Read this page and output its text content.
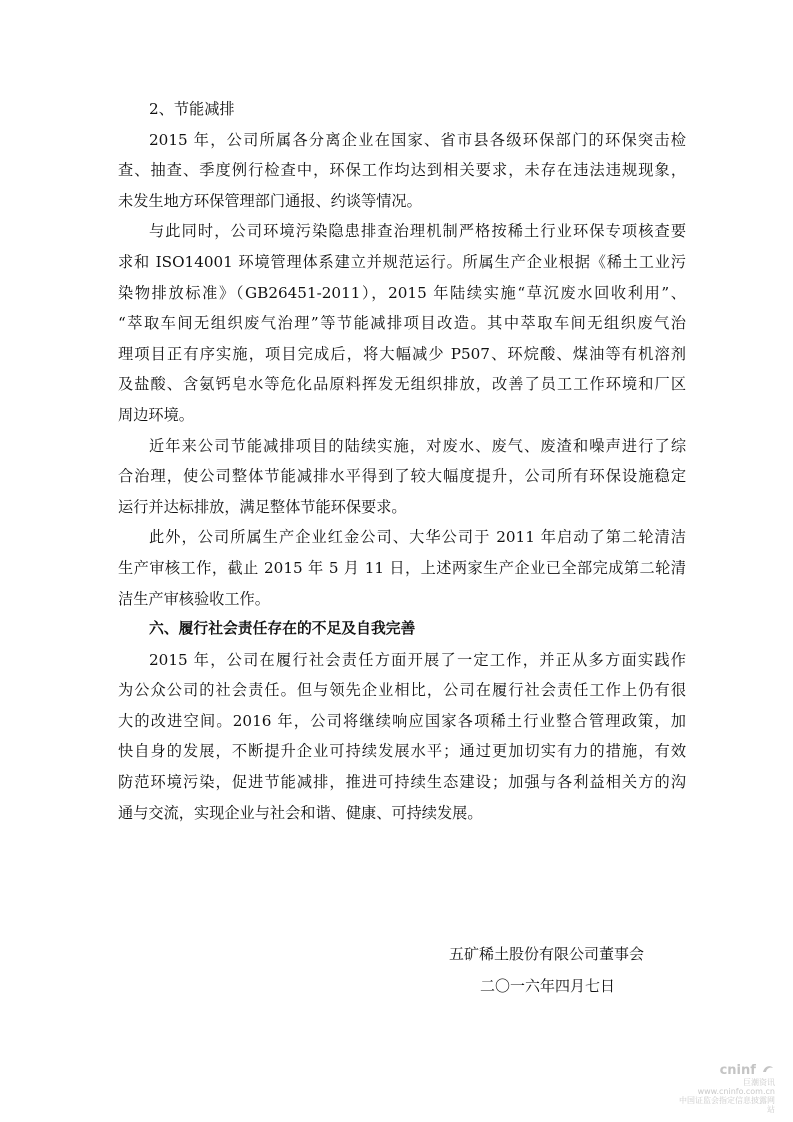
2、节能减排
2015 年，公司所属各分离企业在国家、省市县各级环保部门的环保突击检
查、抽查、季度例行检查中，环保工作均达到相关要求，未存在违法违规现象，
未发生地方环保管理部门通报、约谈等情况。
与此同时，公司环境污染隐患排查治理机制严格按稀土行业环保专项核查要
求和 ISO14001 环境管理体系建立并规范运行。所属生产企业根据《稀土工业污
染物排放标准》（GB26451-2011），2015 年陆续实施“草沉废水回收利用”、
“萃取车间无组织废气治理”等节能减排项目改造。其中萃取车间无组织废气治
理项目正有序实施，项目完成后，将大幅减少 P507、环烷酸、煤油等有机溶剂
及盐酸、含氨钙皂水等危化品原料挥发无组织排放，改善了员工工作环境和厂区
周边环境。
近年来公司节能减排项目的陆续实施，对废水、废气、废渣和噪声进行了综
合治理，使公司整体节能减排水平得到了较大幅度提升，公司所有环保设施稳定
运行并达标排放，满足整体节能环保要求。
此外，公司所属生产企业红金公司、大华公司于 2011 年启动了第二轮清洁
生产审核工作，截止 2015 年 5 月 11 日，上述两家生产企业已全部完成第二轮清
洁生产审核验收工作。
六、履行社会责任存在的不足及自我完善
2015 年，公司在履行社会责任方面开展了一定工作，并正从多方面实践作
为公众公司的社会责任。但与领先企业相比，公司在履行社会责任工作上仍有很
大的改进空间。2016 年，公司将继续响应国家各项稀土行业整合管理政策，加
快自身的发展，不断提升企业可持续发展水平；通过更加切实有力的措施，有效
防范环境污染，促进节能减排，推进可持续生态建设；加强与各利益相关方的沟
通与交流，实现企业与社会和谐、健康、可持续发展。
五矿稀土股份有限公司董事会
二〇一六年四月七日
cninf
巨潮资讯
www.cninfo.com.cn
中国证监会指定信息披露网站
